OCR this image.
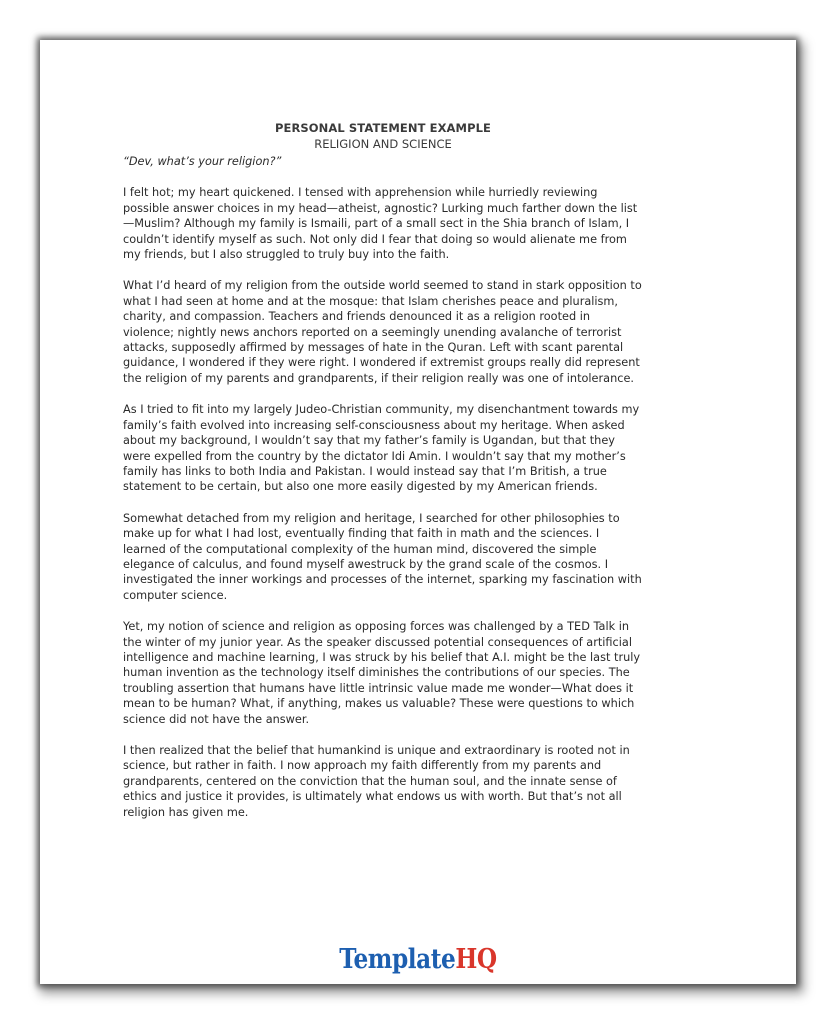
PERSONAL STATEMENT EXAMPLE

RELIGION AND SCIENCE

“Dev, what’s your religion?”

I felt hot; my heart quickened. I tensed with apprehension while hurriedly reviewing possible answer choices in my head—atheist, agnostic? Lurking much farther down the list—Muslim? Although my family is Ismaili, part of a small sect in the Shia branch of Islam, I couldn’t identify myself as such. Not only did I fear that doing so would alienate me from my friends, but I also struggled to truly buy into the faith.

What I’d heard of my religion from the outside world seemed to stand in stark opposition to what I had seen at home and at the mosque: that Islam cherishes peace and pluralism, charity, and compassion. Teachers and friends denounced it as a religion rooted in violence; nightly news anchors reported on a seemingly unending avalanche of terrorist attacks, supposedly affirmed by messages of hate in the Quran. Left with scant parental guidance, I wondered if they were right. I wondered if extremist groups really did represent the religion of my parents and grandparents, if their religion really was one of intolerance.

As I tried to fit into my largely Judeo-Christian community, my disenchantment towards my family’s faith evolved into increasing self-consciousness about my heritage. When asked about my background, I wouldn’t say that my father’s family is Ugandan, but that they were expelled from the country by the dictator Idi Amin. I wouldn’t say that my mother’s family has links to both India and Pakistan. I would instead say that I’m British, a true statement to be certain, but also one more easily digested by my American friends.

Somewhat detached from my religion and heritage, I searched for other philosophies to make up for what I had lost, eventually finding that faith in math and the sciences. I learned of the computational complexity of the human mind, discovered the simple elegance of calculus, and found myself awestruck by the grand scale of the cosmos. I investigated the inner workings and processes of the internet, sparking my fascination with computer science.

Yet, my notion of science and religion as opposing forces was challenged by a TED Talk in the winter of my junior year. As the speaker discussed potential consequences of artificial intelligence and machine learning, I was struck by his belief that A.I. might be the last truly human invention as the technology itself diminishes the contributions of our species. The troubling assertion that humans have little intrinsic value made me wonder—What does it mean to be human? What, if anything, makes us valuable? These were questions to which science did not have the answer.

I then realized that the belief that humankind is unique and extraordinary is rooted not in science, but rather in faith. I now approach my faith differently from my parents and grandparents, centered on the conviction that the human soul, and the innate sense of ethics and justice it provides, is ultimately what endows us with worth. But that’s not all religion has given me.

TemplateHQ
